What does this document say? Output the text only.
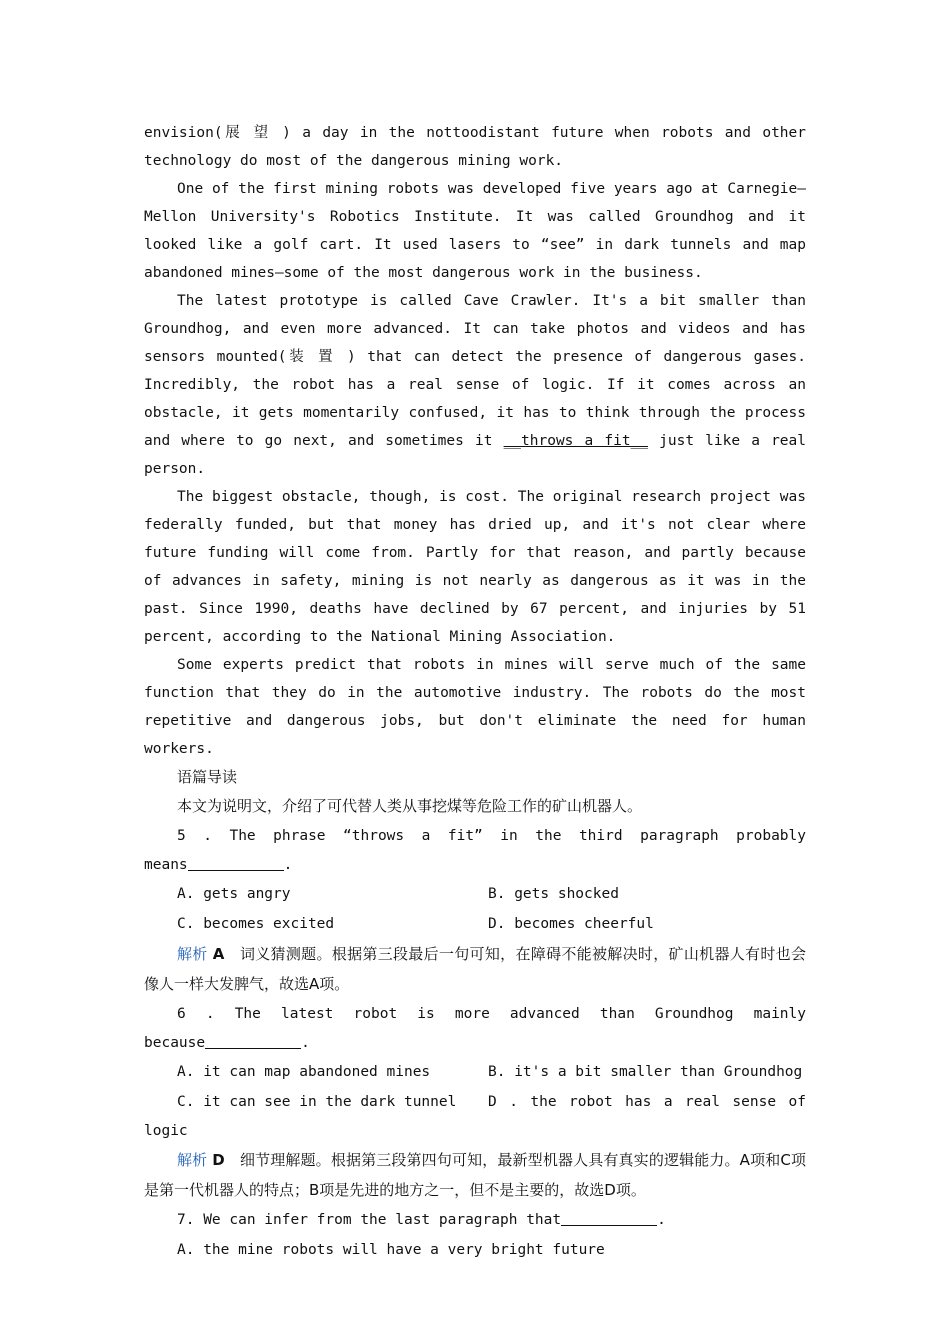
envision(展 望 ) a day in the nottoodistant future when robots and other

technology do most of the dangerous mining work.

One of the first mining robots was developed five years ago at Carnegie—Mellon University's Robotics Institute. It was called Groundhog and it looked like a golf cart. It used lasers to “see” in dark tunnels and map abandoned mines—some of the most dangerous work in the business.

The latest prototype is called Cave Crawler. It's a bit smaller than Groundhog, and even more advanced. It can take photos and videos and has sensors mounted(装 置 ) that can detect the presence of dangerous gases. Incredibly, the robot has a real sense of logic. If it comes across an obstacle, it gets momentarily confused, it has to think through the process and where to go next, and sometimes it __throws a fit__ just like a real person.

The biggest obstacle, though, is cost. The original research project was federally funded, but that money has dried up, and it's not clear where future funding will come from. Partly for that reason, and partly because of advances in safety, mining is not nearly as dangerous as it was in the past. Since 1990, deaths have declined by 67 percent, and injuries by 51 percent, according to the National Mining Association.

Some experts predict that robots in mines will serve much of the same function that they do in the automotive industry. The robots do the most repetitive and dangerous jobs, but don't eliminate the need for human workers.

语篇导读

本文为说明文，介绍了可代替人类从事挖煤等危险工作的矿山机器人。

5 . The phrase “throws a fit” in the third paragraph probably

means	.

A. gets angry	B. gets shocked
C. becomes excited	D. becomes cheerful

解析 A　 词义猜测题。根据第三段最后一句可知，在障碍不能被解决时，矿山机器人有时也会像人一样大发脾气，故选A项。

6 . The latest robot is more advanced than Groundhog mainly

because	.

A. it can map abandoned mines	B. it's a bit smaller than Groundhog
C. it can see in the dark tunnel	D . the robot has a real sense of

logic

解析 D　 细节理解题。根据第三段第四句可知，最新型机器人具有真实的逻辑能力。A项和C项是第一代机器人的特点；B项是先进的地方之一，但不是主要的，故选D项。

7. We can infer from the last paragraph that	.

A. the mine robots will have a very bright future
